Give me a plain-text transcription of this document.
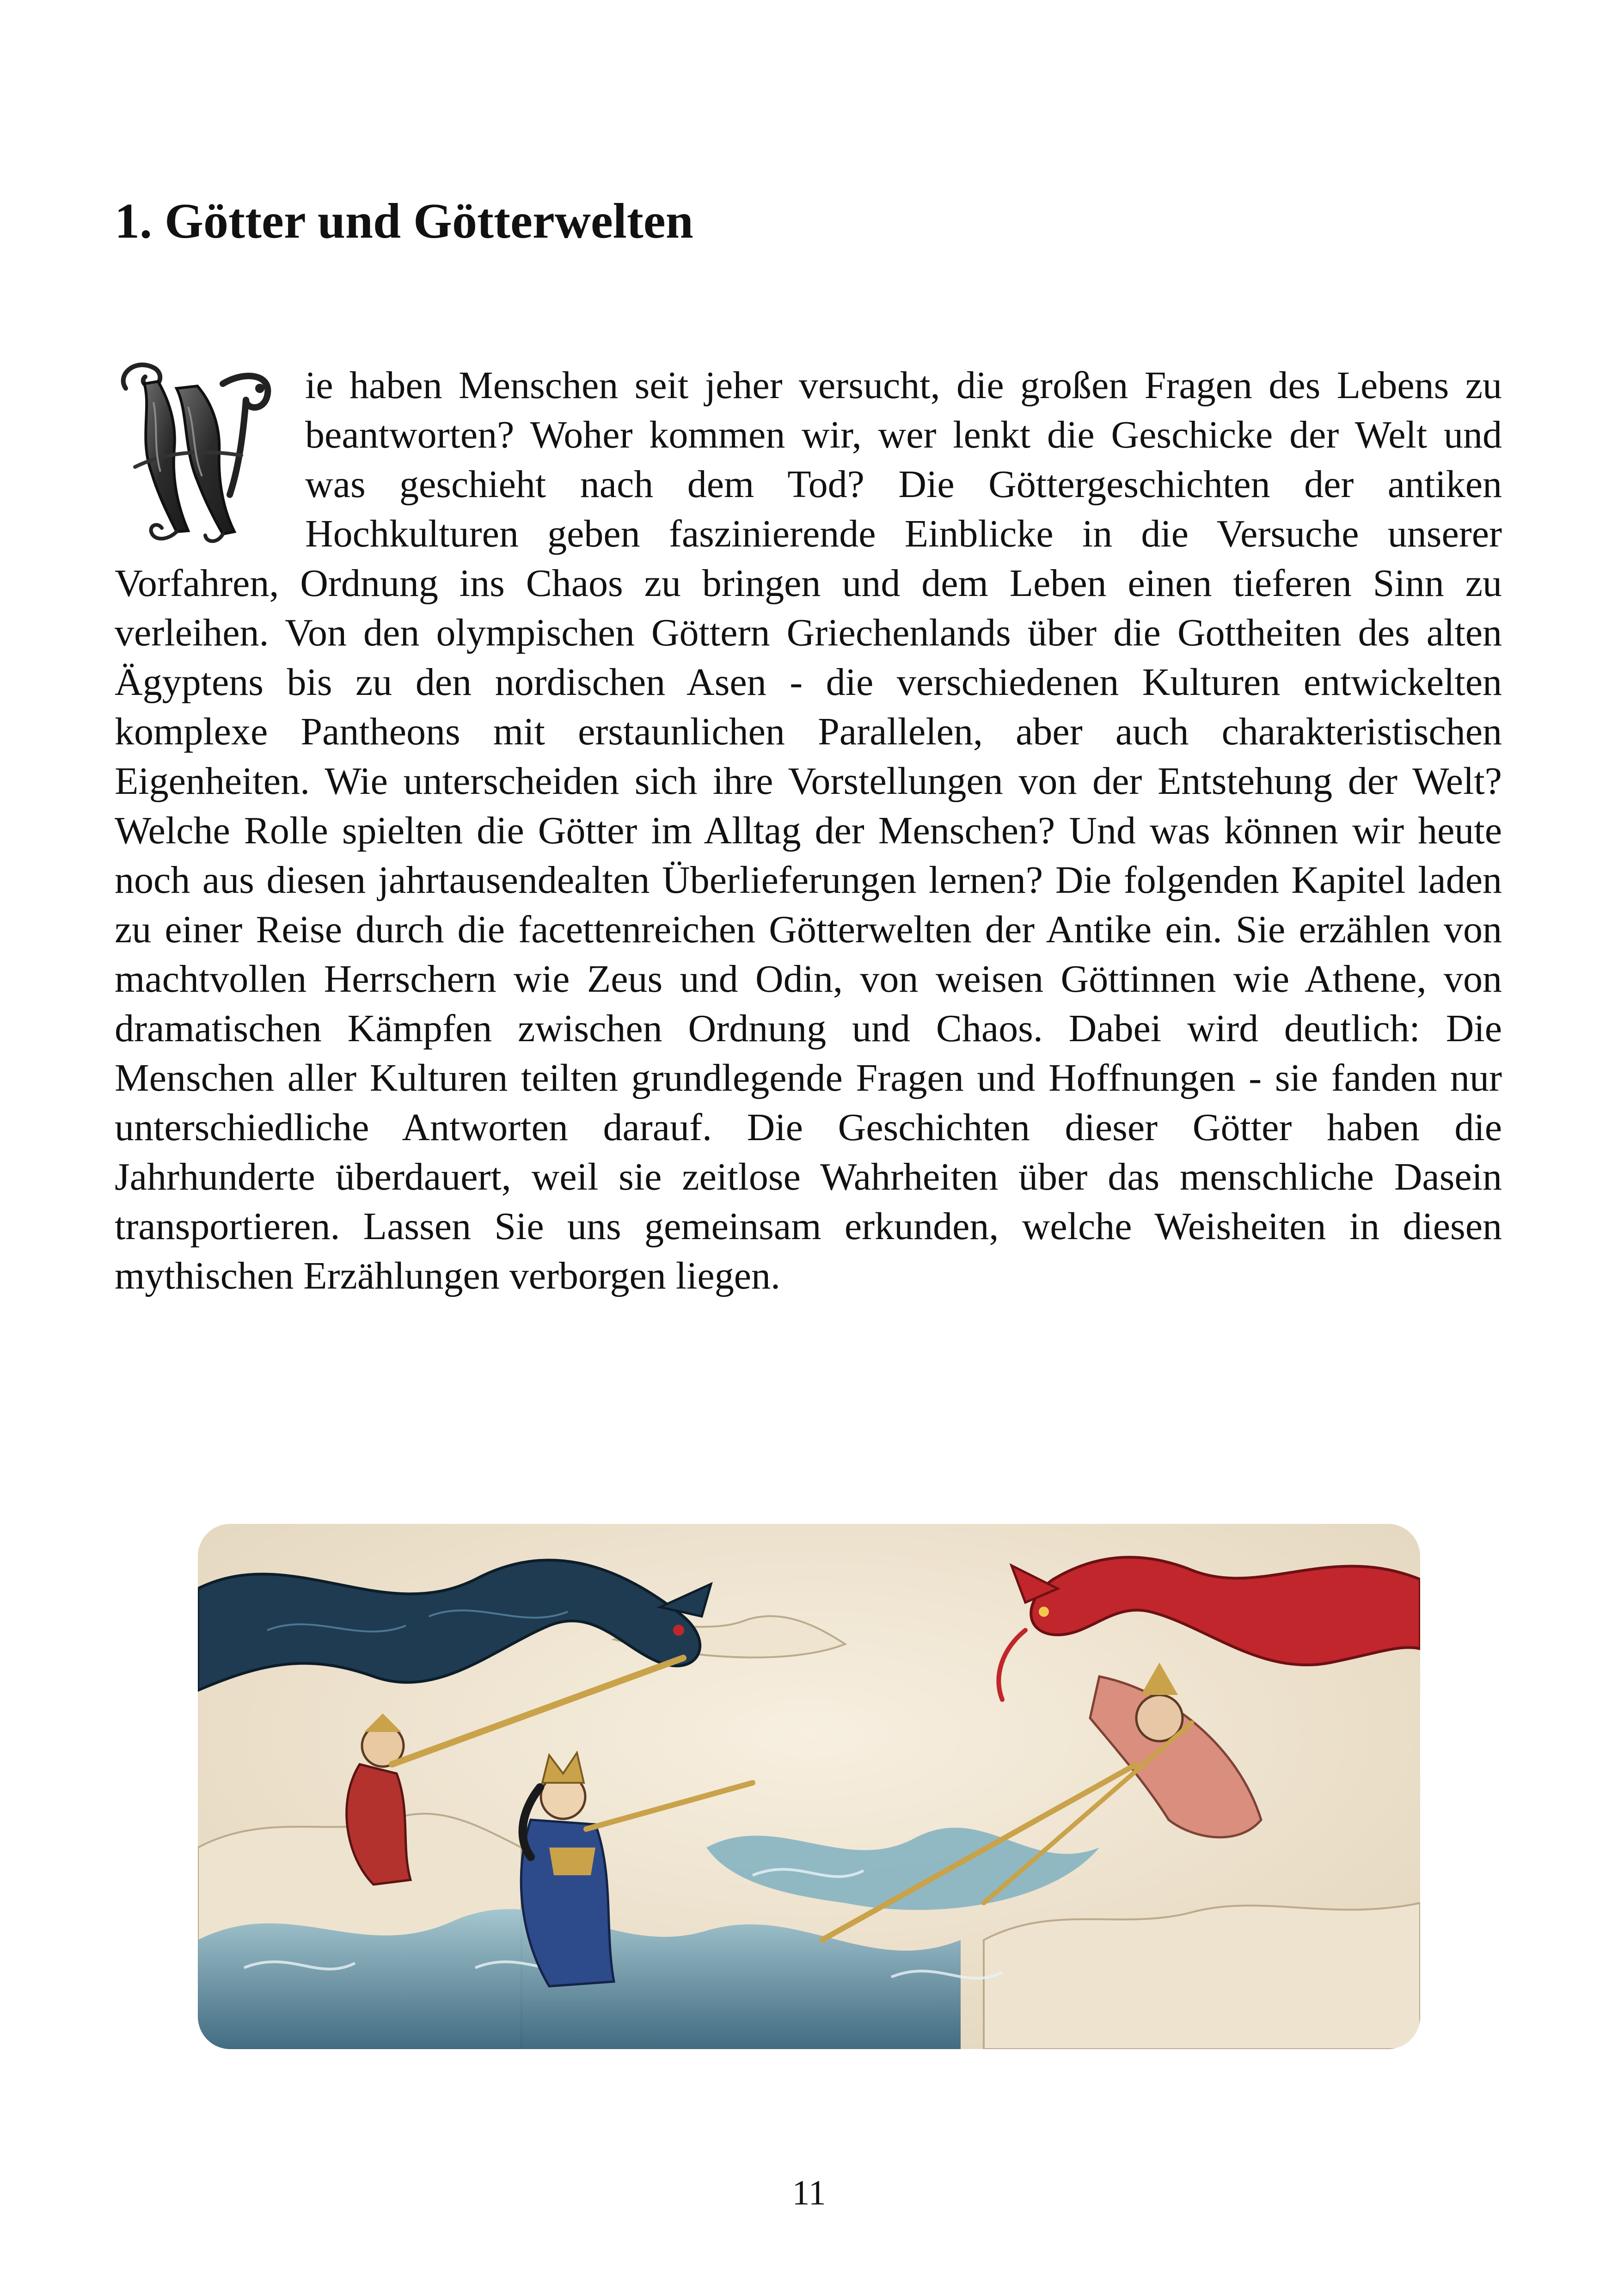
1. Götter und Götterwelten
ie haben Menschen seit jeher versucht, die großen Fragen des Lebens zu beantworten? Woher kommen wir, wer lenkt die Geschicke der Welt und was geschieht nach dem Tod? Die Göttergeschichten der antiken Hochkulturen geben faszinierende Einblicke in die Versuche unserer Vorfahren, Ordnung ins Chaos zu bringen und dem Leben einen tieferen Sinn zu verleihen. Von den olympischen Göttern Griechenlands über die Gottheiten des alten Ägyptens bis zu den nordischen Asen - die verschiedenen Kulturen entwickelten komplexe Pantheons mit erstaunlichen Parallelen, aber auch charakteristischen Eigenheiten. Wie unterscheiden sich ihre Vorstellungen von der Entstehung der Welt? Welche Rolle spielten die Götter im Alltag der Menschen? Und was können wir heute noch aus diesen jahrtausendealten Überlieferungen lernen? Die folgenden Kapitel laden zu einer Reise durch die facettenreichen Götterwelten der Antike ein. Sie erzählen von machtvollen Herrschern wie Zeus und Odin, von weisen Göttinnen wie Athene, von dramatischen Kämpfen zwischen Ordnung und Chaos. Dabei wird deutlich: Die Menschen aller Kulturen teilten grundlegende Fragen und Hoffnungen - sie fanden nur unterschiedliche Antworten darauf. Die Geschichten dieser Götter haben die Jahrhunderte überdauert, weil sie zeitlose Wahrheiten über das menschliche Dasein transportieren. Lassen Sie uns gemeinsam erkunden, welche Weisheiten in diesen mythischen Erzählungen verborgen liegen.
11
